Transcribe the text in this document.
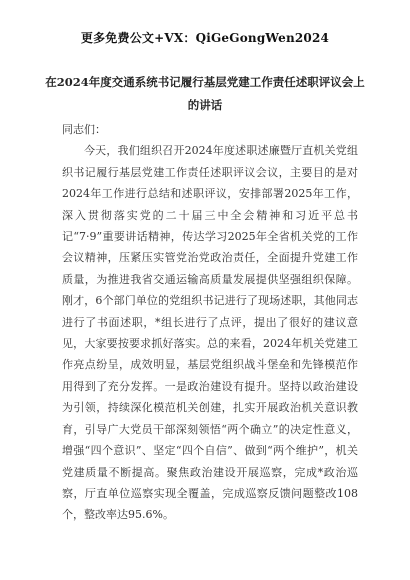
更多免费公文+VX：QiGeGongWen2024
在2024年度交通系统书记履行基层党建工作责任述职评议会上的讲话

同志们：

今天，我们组织召开2024年度述职述廉暨厅直机关党组织书记履行基层党建工作责任述职评议会议，主要目的是对2024年工作进行总结和述职评议，安排部署2025年工作，深入贯彻落实党的二十届三中全会精神和习近平总书记“7·9”重要讲话精神，传达学习2025年全省机关党的工作会议精神，压紧压实管党治党政治责任，全面提升党建工作质量，为推进我省交通运输高质量发展提供坚强组织保障。刚才，6个部门单位的党组织书记进行了现场述职，其他同志进行了书面述职，*组长进行了点评，提出了很好的建议意见，大家要按要求抓好落实。总的来看，2024年机关党建工作亮点纷呈，成效明显，基层党组织战斗堡垒和先锋模范作用得到了充分发挥。一是政治建设有提升。坚持以政治建设为引领，持续深化模范机关创建，扎实开展政治机关意识教育，引导广大党员干部深刻领悟“两个确立”的决定性意义，增强“四个意识”、坚定“四个自信”、做到“两个维护”，机关党建质量不断提高。聚焦政治建设开展巡察，完成*政治巡察，厅直单位巡察实现全覆盖，完成巡察反馈问题整改108个，整改率达95.6%。
